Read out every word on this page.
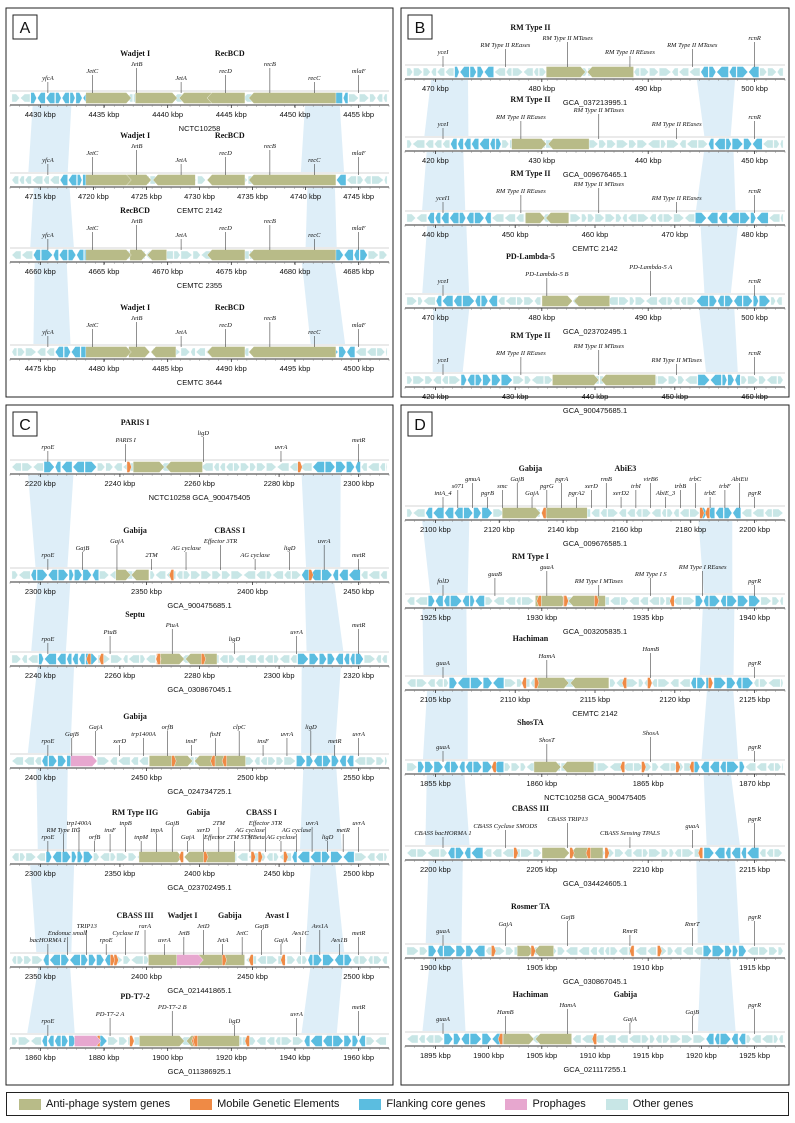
A
4430 kbp	4435 kbp	4440 kbp	4445 kbp	4450 kbp	4455 kbp
NCTC10258
yfcA
JetC
JetB
JetA
recD
recB
recC
mlaF
Wadjet I	RecBCD
4715 kbp	4720 kbp	4725 kbp	4730 kbp	4735 kbp	4740 kbp	4745 kbp
CEMTC 2142
yfcA
JetC
JetB
JetA
recD
recB
recC
mlaF
Wadjet I	RecBCD
4660 kbp	4665 kbp	4670 kbp	4675 kbp	4680 kbp	4685 kbp
CEMTC 2355
yfcA
JetC
JetB
JetA
recD
recB
recC
mlaF
RecBCD
4475 kbp	4480 kbp	4485 kbp	4490 kbp	4495 kbp	4500 kbp
CEMTC 3644
yfcA
JetC
JetB
JetA
recD
recB
recC
mlaF
Wadjet I	RecBCD
B
470 kbp	480 kbp	490 kbp	500 kbp
GCA_037213995.1
yceI
RM Type II REases
RM Type II MTases
RM Type II REases
RM Type II MTases
rcnR
RM Type II
420 kbp	430 kbp	440 kbp	450 kbp
GCA_009676465.1
yceI
RM Type II REases
RM Type II MTases
RM Type II REases
rcnR
RM Type II
440 kbp	450 kbp	460 kbp	470 kbp	480 kbp
CEMTC 2142
yceI1
RM Type II REases
RM Type II MTases
RM Type II REases
rcnR
RM Type II
470 kbp	480 kbp	490 kbp	500 kbp
GCA_023702495.1
yceI
PD-Lambda-5 B
PD-Lambda-5 A
rcnR
PD-Lambda-5
420 kbp	430 kbp	440 kbp	450 kbp	460 kbp
GCA_900475685.1
yceI
RM Type II REases
RM Type II MTases
RM Type II MTases
rcnR
RM Type II
C
2220 kbp	2240 kbp	2260 kbp	2280 kbp	2300 kbp
NCTC10258 GCA_900475405
rpoE
PARIS I
ligD
uvrA
metR
PARIS I
2300 kbp	2350 kbp	2400 kbp	2450 kbp
GCA_900475685.1
rpoE
GajB
GajA
2TM
AG cyclase
Effector 3TR
AG cyclase
ligD
uvrA
metR
Gabija	CBASS I
2240 kbp	2260 kbp	2280 kbp	2300 kbp	2320 kbp
GCA_030867045.1
rpoE
PtuB
PtuA
ligD
uvrA
metR
Septu
2400 kbp	2450 kbp	2500 kbp	2550 kbp
GCA_024734725.1
rpoE
GajB
GajA
xerD
trp1400A
orfB
insF
ftsH
clpC
insF
uvrA
ligD
metR
uvrA
Gabija
2300 kbp	2350 kbp	2400 kbp	2450 kbp	2500 kbp
GCA_023702495.1
rpoE
RM Type IIG
trp1400A
orfB
insF
tnpB
tnpM
tnpA
GajB
GajA
xerD
2TM
Effector 2TM 5TMBeta
AG cyclase
Effector 3TR
AG cyclase
AG cyclase
uvrA
ligD
metR
uvrA
RM Type IIG	Gabija	CBASS I
2350 kbp	2400 kbp	2450 kbp	2500 kbp
GCA_021441865.1
bacHORMA 1
Endonuc small
TRIP13
rpoE
Cyclase II
rarA
uvrA
JetB
JetD
JetA
JetC
GajB
GajA
Avs1C
Avs1A
Avs1B
metR
CBASS III Wadjet I	Gabija	Avast I
1860 kbp	1880 kbp	1900 kbp	1920 kbp	1940 kbp	1960 kbp
GCA_011386925.1
rpoE
PD-T7-2 A
PD-T7-2 B
ligD
uvrA
metR
PD-T7-2
D
2100 kbp	2120 kbp	2140 kbp	2160 kbp	2180 kbp	2200 kbp
GCA_009676585.1
intA_4
s071
gmuA
pgrB
smc
GajB
GajA
pgrG
pgrA
pgrA2
xerD
rmB
xerD2
trbI
virB6
AbiE_3
trbB
trbC
trbE
trbF
AbiEii
pgrR
Gabija	AbiE3
1925 kbp	1930 kbp	1935 kbp	1940 kbp
GCA_003205835.1
folD
guaB
guaA
RM Type I MTases
RM Type I S
RM Type I REases
pgrR
RM Type I
2105 kbp	2110 kbp	2115 kbp	2120 kbp	2125 kbp
CEMTC 2142
guaA
HamA
HamB
pgrR
Hachiman
1855 kbp	1860 kbp	1865 kbp	1870 kbp
NCTC10258 GCA_900475405
guaA
ShosT
ShosA
pgrR
ShosTA
2200 kbp	2205 kbp	2210 kbp	2215 kbp
GCA_034424605.1
CBASS bacHORMA 1
CBASS Cyclase SMODS
CBASS TRIP13
CBASS Sensing TPALS
guaA
pgrR
CBASS III
1900 kbp	1905 kbp	1910 kbp	1915 kbp
GCA_030867045.1
guaA
GajA
GajB
RmrR
RmrT
pgrR
Rosmer TA
1895 kbp	1900 kbp	1905 kbp	1910 kbp	1915 kbp	1920 kbp	1925 kbp
GCA_021117255.1
guaA
HamB
HamA
GajA
GajB
pgrR
Hachiman	Gabija
Anti-phage system genes	Mobile Genetic Elements	Flanking core genes	Prophages	Other genes
